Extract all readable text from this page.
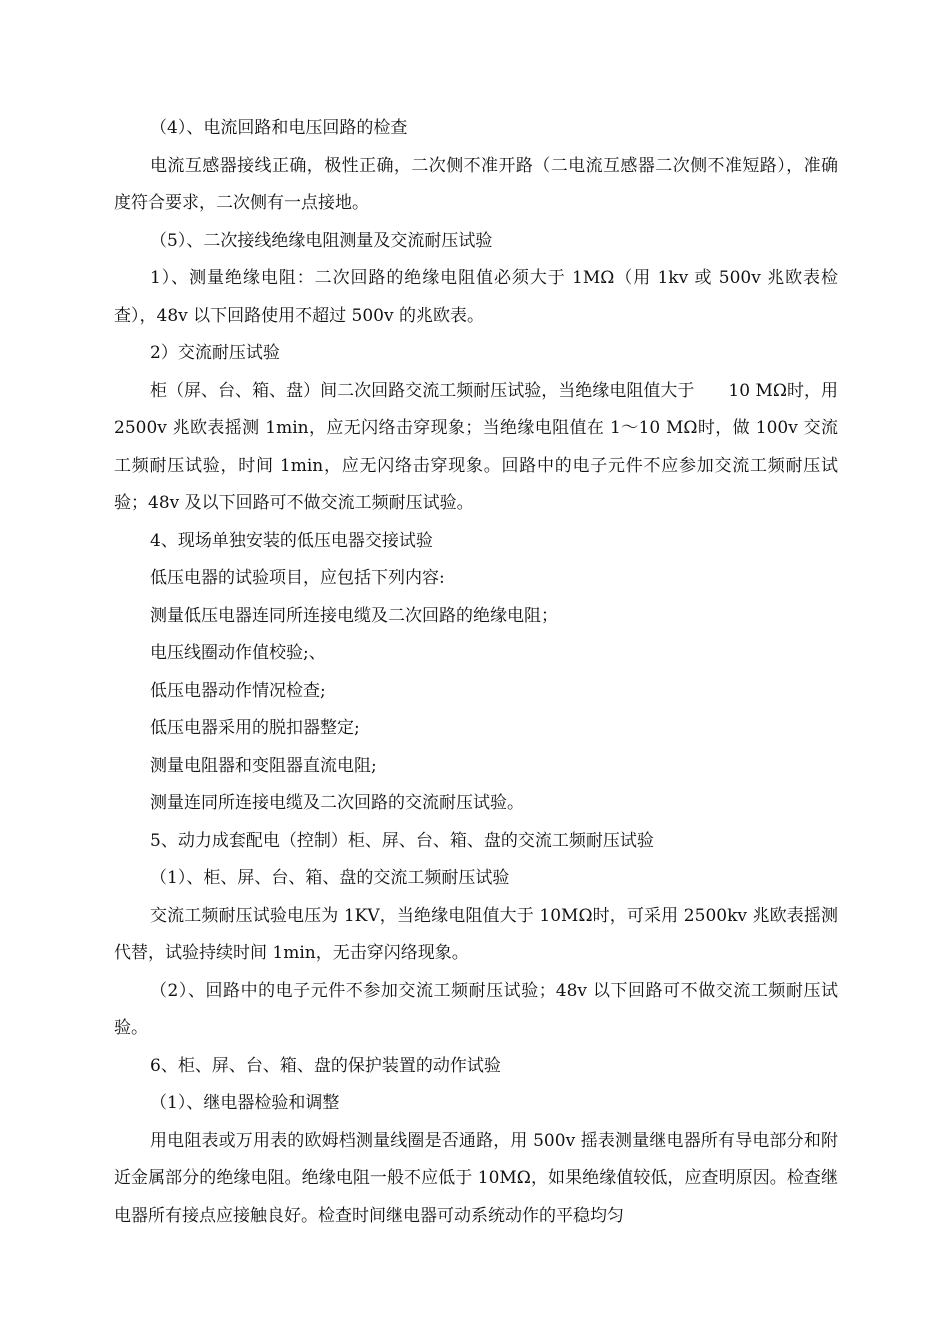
（4）、电流回路和电压回路的检查

电流互感器接线正确，极性正确，二次侧不准开路（二电流互感器二次侧不准短路），准确度符合要求，二次侧有一点接地。

（5）、二次接线绝缘电阻测量及交流耐压试验

1）、测量绝缘电阻：二次回路的绝缘电阻值必须大于 1MΩ（用 1kv 或 500v 兆欧表检查），48v 以下回路使用不超过 500v 的兆欧表。

2）交流耐压试验

柜（屏、台、箱、盘）间二次回路交流工频耐压试验，当绝缘电阻值大于　　10 MΩ时，用 2500v 兆欧表摇测 1min，应无闪络击穿现象；当绝缘电阻值在 1～10 MΩ时，做 100v 交流工频耐压试验，时间 1min，应无闪络击穿现象。回路中的电子元件不应参加交流工频耐压试验；48v 及以下回路可不做交流工频耐压试验。

4、现场单独安装的低压电器交接试验

低压电器的试验项目，应包括下列内容:

测量低压电器连同所连接电缆及二次回路的绝缘电阻；

电压线圈动作值校验;、

低压电器动作情况检查;

低压电器采用的脱扣器整定;

测量电阻器和变阻器直流电阻;

测量连同所连接电缆及二次回路的交流耐压试验。

5、动力成套配电（控制）柜、屏、台、箱、盘的交流工频耐压试验

（1）、柜、屏、台、箱、盘的交流工频耐压试验

交流工频耐压试验电压为 1KV，当绝缘电阻值大于 10MΩ时，可采用 2500kv 兆欧表摇测代替，试验持续时间 1min，无击穿闪络现象。

（2）、回路中的电子元件不参加交流工频耐压试验；48v 以下回路可不做交流工频耐压试验。

6、柜、屏、台、箱、盘的保护装置的动作试验

（1）、继电器检验和调整

用电阻表或万用表的欧姆档测量线圈是否通路，用 500v 摇表测量继电器所有导电部分和附近金属部分的绝缘电阻。绝缘电阻一般不应低于 10MΩ，如果绝缘值较低，应查明原因。检查继电器所有接点应接触良好。检查时间继电器可动系统动作的平稳均匀
